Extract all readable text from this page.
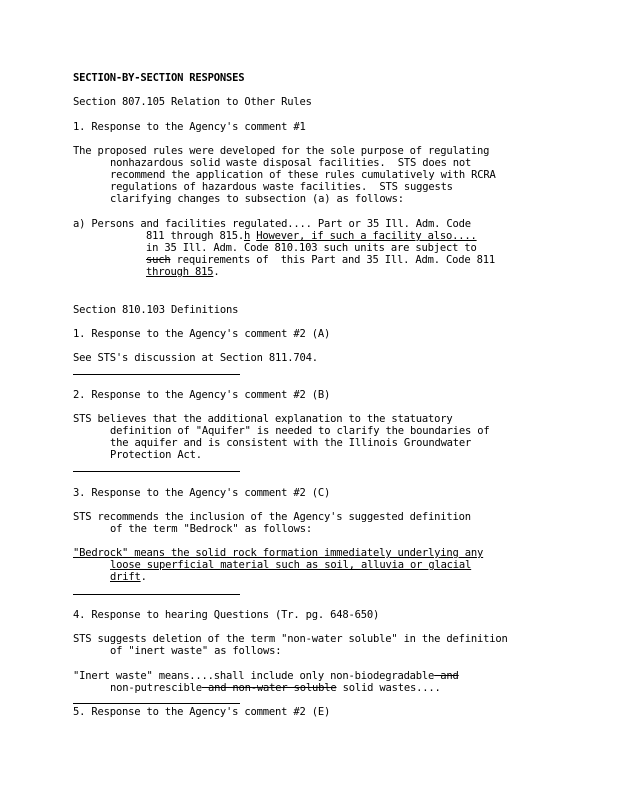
SECTION-BY-SECTION RESPONSES
Section 807.105 Relation to Other Rules
1. Response to the Agency's comment #1
The proposed rules were developed for the sole purpose of regulating
nonhazardous solid waste disposal facilities.  STS does not
recommend the application of these rules cumulatively with RCRA
regulations of hazardous waste facilities.  STS suggests
clarifying changes to subsection (a) as follows:
a) Persons and facilities regulated.... Part or 35 Ill. Adm. Code
811 through 815.h However, if such a facility also....
in 35 Ill. Adm. Code 810.103 such units are subject to
such requirements of  this Part and 35 Ill. Adm. Code 811
through 815.
Section 810.103 Definitions
1. Response to the Agency's comment #2 (A)
See STS's discussion at Section 811.704.
2. Response to the Agency's comment #2 (B)
STS believes that the additional explanation to the statuatory
definition of "Aquifer" is needed to clarify the boundaries of
the aquifer and is consistent with the Illinois Groundwater
Protection Act.
3. Response to the Agency's comment #2 (C)
STS recommends the inclusion of the Agency's suggested definition
of the term "Bedrock" as follows:
"Bedrock" means the solid rock formation immediately underlying any
loose superficial material such as soil, alluvia or glacial
drift.
4. Response to hearing Questions (Tr. pg. 648-650)
STS suggests deletion of the term "non-water soluble" in the definition
of "inert waste" as follows:
"Inert waste" means....shall include only non-biodegradable and
non-putrescible and non-water soluble solid wastes....
5. Response to the Agency's comment #2 (E)
